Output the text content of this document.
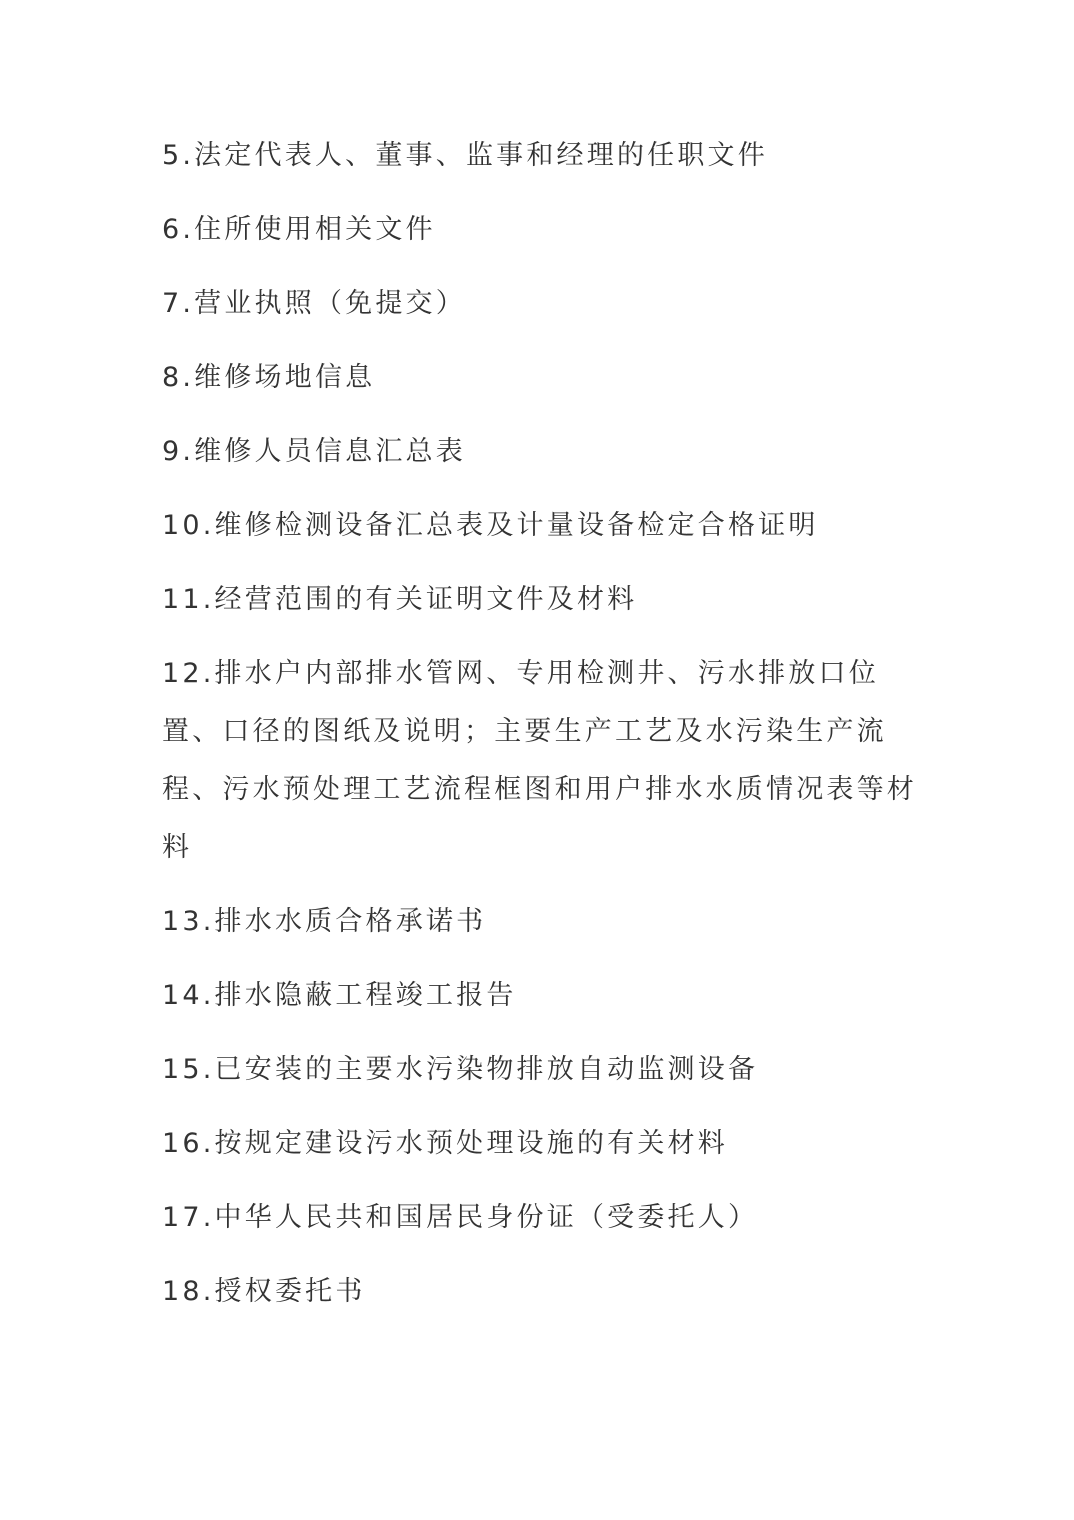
5.法定代表人、董事、监事和经理的任职文件
6.住所使用相关文件
7.营业执照（免提交）
8.维修场地信息
9.维修人员信息汇总表
10.维修检测设备汇总表及计量设备检定合格证明
11.经营范围的有关证明文件及材料
12.排水户内部排水管网、专用检测井、污水排放口位置、口径的图纸及说明；主要生产工艺及水污染生产流程、污水预处理工艺流程框图和用户排水水质情况表等材料
13.排水水质合格承诺书
14.排水隐蔽工程竣工报告
15.已安装的主要水污染物排放自动监测设备
16.按规定建设污水预处理设施的有关材料
17.中华人民共和国居民身份证（受委托人）
18.授权委托书
